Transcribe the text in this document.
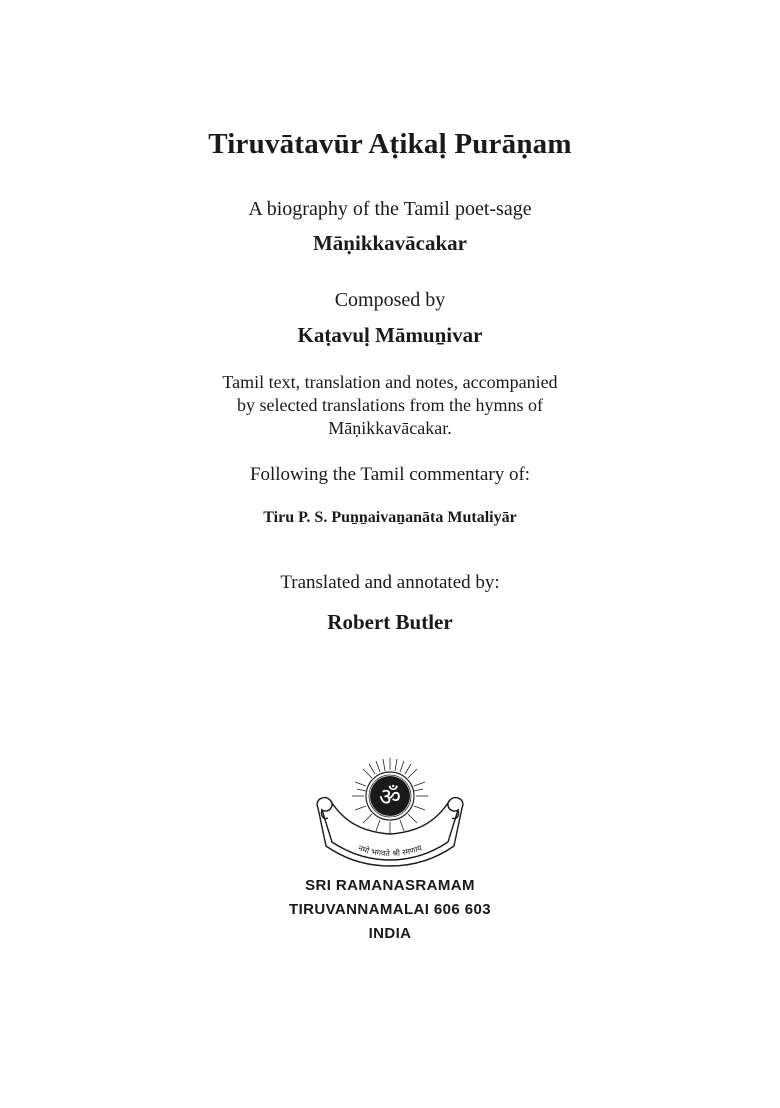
Tiruvātavūr Aṭikaḷ Purāṇam
A biography of the Tamil poet-sage
Māṇikkavācakar
Composed by
Kaṭavuḷ Māmuṉivar
Tamil text, translation and notes, accompanied
by selected translations from the hymns of
Māṇikkavācakar.
Following the Tamil commentary of:
Tiru P. S. Puṉṉaivaṉanāta Mutaliyār
Translated and annotated by:
Robert Butler
ॐ
नमो भगवते श्री रमणाय
SRI RAMANASRAMAM
TIRUVANNAMALAI 606 603
INDIA
